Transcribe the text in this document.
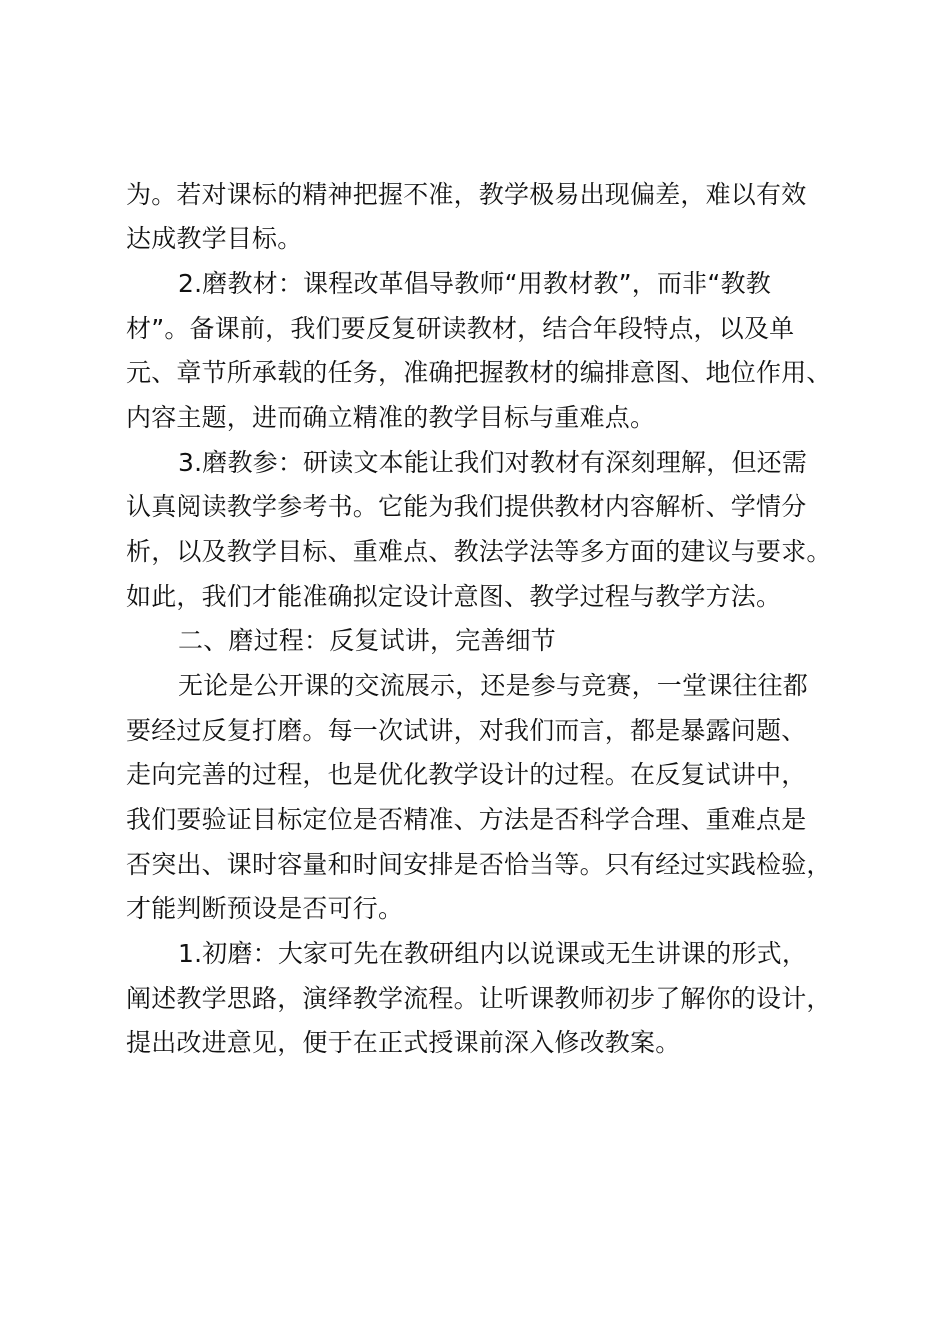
为。若对课标的精神把握不准，教学极易出现偏差，难以有效
达成教学目标。
2.磨教材：课程改革倡导教师“用教材教”，而非“教教
材”。备课前，我们要反复研读教材，结合年段特点，以及单
元、章节所承载的任务，准确把握教材的编排意图、地位作用、
内容主题，进而确立精准的教学目标与重难点。
3.磨教参：研读文本能让我们对教材有深刻理解，但还需
认真阅读教学参考书。它能为我们提供教材内容解析、学情分
析，以及教学目标、重难点、教法学法等多方面的建议与要求。
如此，我们才能准确拟定设计意图、教学过程与教学方法。
二、磨过程：反复试讲，完善细节
无论是公开课的交流展示，还是参与竞赛，一堂课往往都
要经过反复打磨。每一次试讲，对我们而言，都是暴露问题、
走向完善的过程，也是优化教学设计的过程。在反复试讲中，
我们要验证目标定位是否精准、方法是否科学合理、重难点是
否突出、课时容量和时间安排是否恰当等。只有经过实践检验，
才能判断预设是否可行。
1.初磨：大家可先在教研组内以说课或无生讲课的形式，
阐述教学思路，演绎教学流程。让听课教师初步了解你的设计，
提出改进意见，便于在正式授课前深入修改教案。
